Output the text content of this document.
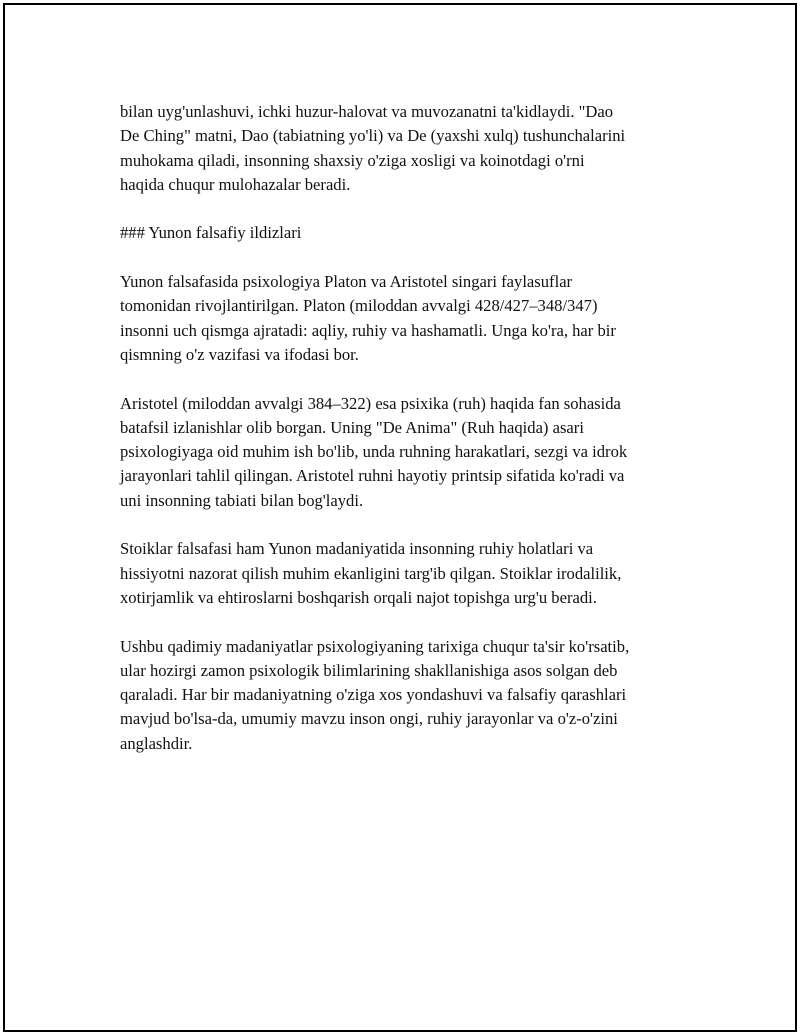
bilan uyg'unlashuvi, ichki huzur-halovat va muvozanatni ta'kidlaydi. "Dao
De Ching" matni, Dao (tabiatning yo'li) va De (yaxshi xulq) tushunchalarini
muhokama qiladi, insonning shaxsiy o'ziga xosligi va koinotdagi o'rni
haqida chuqur mulohazalar beradi.

### Yunon falsafiy ildizlari

Yunon falsafasida psixologiya Platon va Aristotel singari faylasuflar
tomonidan rivojlantirilgan. Platon (miloddan avvalgi 428/427–348/347)
insonni uch qismga ajratadi: aqliy, ruhiy va hashamatli. Unga ko'ra, har bir
qismning o'z vazifasi va ifodasi bor.

Aristotel (miloddan avvalgi 384–322) esa psixika (ruh) haqida fan sohasida
batafsil izlanishlar olib borgan. Uning "De Anima" (Ruh haqida) asari
psixologiyaga oid muhim ish bo'lib, unda ruhning harakatlari, sezgi va idrok
jarayonlari tahlil qilingan. Aristotel ruhni hayotiy printsip sifatida ko'radi va
uni insonning tabiati bilan bog'laydi.

Stoiklar falsafasi ham Yunon madaniyatida insonning ruhiy holatlari va
hissiyotni nazorat qilish muhim ekanligini targ'ib qilgan. Stoiklar irodalilik,
xotirjamlik va ehtiroslarni boshqarish orqali najot topishga urg'u beradi.

Ushbu qadimiy madaniyatlar psixologiyaning tarixiga chuqur ta'sir ko'rsatib,
ular hozirgi zamon psixologik bilimlarining shakllanishiga asos solgan deb
qaraladi. Har bir madaniyatning o'ziga xos yondashuvi va falsafiy qarashlari
mavjud bo'lsa-da, umumiy mavzu inson ongi, ruhiy jarayonlar va o'z-o'zini
anglashdir.
